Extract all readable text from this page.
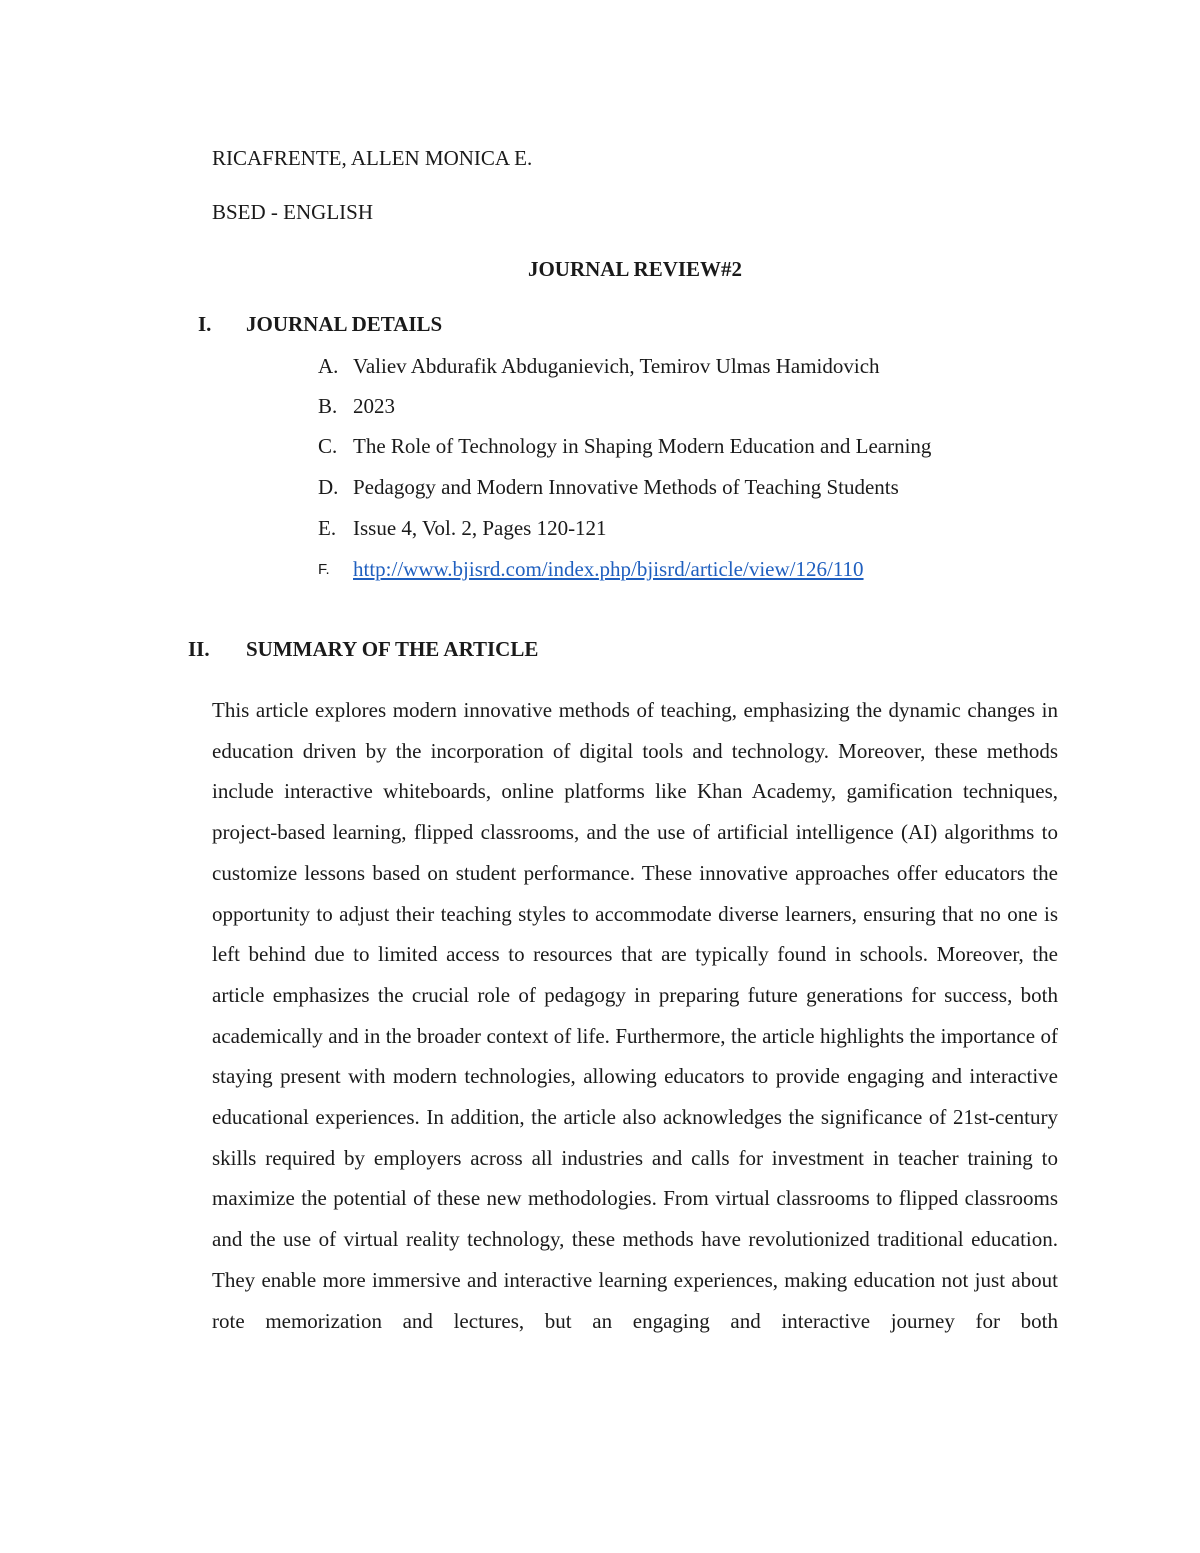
RICAFRENTE, ALLEN MONICA E.
BSED - ENGLISH
JOURNAL REVIEW#2
I. JOURNAL DETAILS
A. Valiev Abdurafik Abduganievich, Temirov Ulmas Hamidovich
B. 2023
C. The Role of Technology in Shaping Modern Education and Learning
D. Pedagogy and Modern Innovative Methods of Teaching Students
E. Issue 4, Vol. 2, Pages 120-121
F. http://www.bjisrd.com/index.php/bjisrd/article/view/126/110
II. SUMMARY OF THE ARTICLE

This article explores modern innovative methods of teaching, emphasizing the dynamic changes in education driven by the incorporation of digital tools and technology. Moreover, these methods include interactive whiteboards, online platforms like Khan Academy, gamification techniques, project-based learning, flipped classrooms, and the use of artificial intelligence (AI) algorithms to customize lessons based on student performance. These innovative approaches offer educators the opportunity to adjust their teaching styles to accommodate diverse learners, ensuring that no one is left behind due to limited access to resources that are typically found in schools. Moreover, the article emphasizes the crucial role of pedagogy in preparing future generations for success, both academically and in the broader context of life. Furthermore, the article highlights the importance of staying present with modern technologies, allowing educators to provide engaging and interactive educational experiences. In addition, the article also acknowledges the significance of 21st-century skills required by employers across all industries and calls for investment in teacher training to maximize the potential of these new methodologies. From virtual classrooms to flipped classrooms and the use of virtual reality technology, these methods have revolutionized traditional education. They enable more immersive and interactive learning experiences, making education not just about rote memorization and lectures, but an engaging and interactive journey for both
